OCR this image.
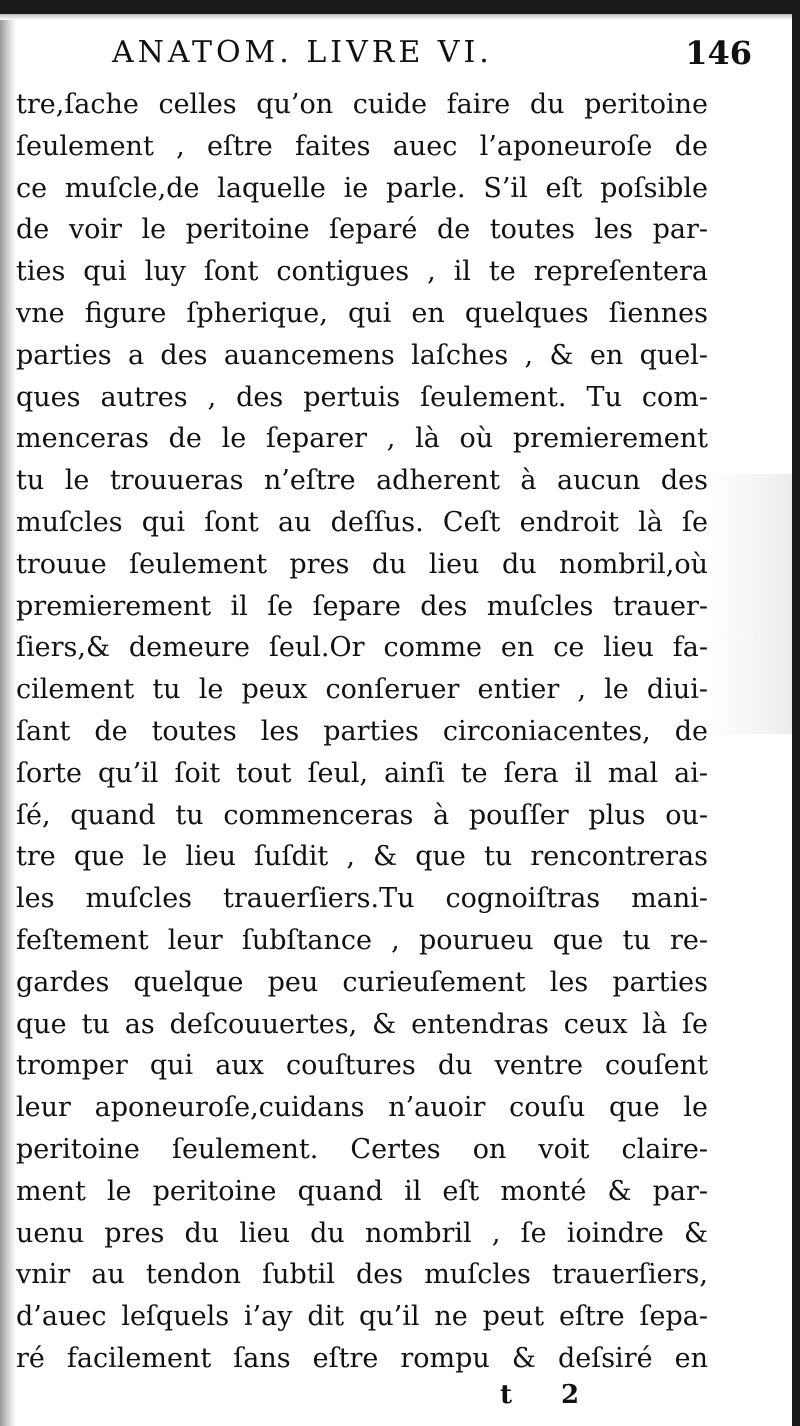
ANATOM. LIVRE VI.	146
tre,ſache celles qu’on cuide faire du peritoine
ſeulement , eſtre faites auec l’aponeuroſe de
ce muſcle,de laquelle ie parle. S’il eſt poſsible
de voir le peritoine ſeparé de toutes les par-
ties qui luy ſont contigues , il te repreſentera
vne figure ſpherique, qui en quelques ſiennes
parties a des auancemens laſches , & en quel-
ques autres , des pertuis ſeulement. Tu com-
menceras de le ſeparer , là où premierement
tu le trouueras n’eſtre adherent à aucun des
muſcles qui ſont au deſſus. Ceſt endroit là ſe
trouue ſeulement pres du lieu du nombril,où
premierement il ſe ſepare des muſcles trauer-
ſiers,& demeure ſeul.Or comme en ce lieu fa-
cilement tu le peux conſeruer entier , le diui-
ſant de toutes les parties circoniacentes, de
ſorte qu’il ſoit tout ſeul, ainſi te ſera il mal ai-
ſé, quand tu commenceras à pouſſer plus ou-
tre que le lieu ſuſdit , & que tu rencontreras
les muſcles trauerſiers.Tu cognoiſtras mani-
feſtement leur ſubſtance , pourueu que tu re-
gardes quelque peu curieuſement les parties
que tu as deſcouuertes, & entendras ceux là ſe
tromper qui aux couſtures du ventre couſent
leur aponeuroſe,cuidans n’auoir couſu que le
peritoine ſeulement. Certes on voit claire-
ment le peritoine quand il eſt monté & par-
uenu pres du lieu du nombril , ſe ioindre &
vnir au tendon ſubtil des muſcles trauerſiers,
d’auec leſquels i’ay dit qu’il ne peut eſtre ſepa-
ré facilement ſans eſtre rompu & deſsiré en
t 2
